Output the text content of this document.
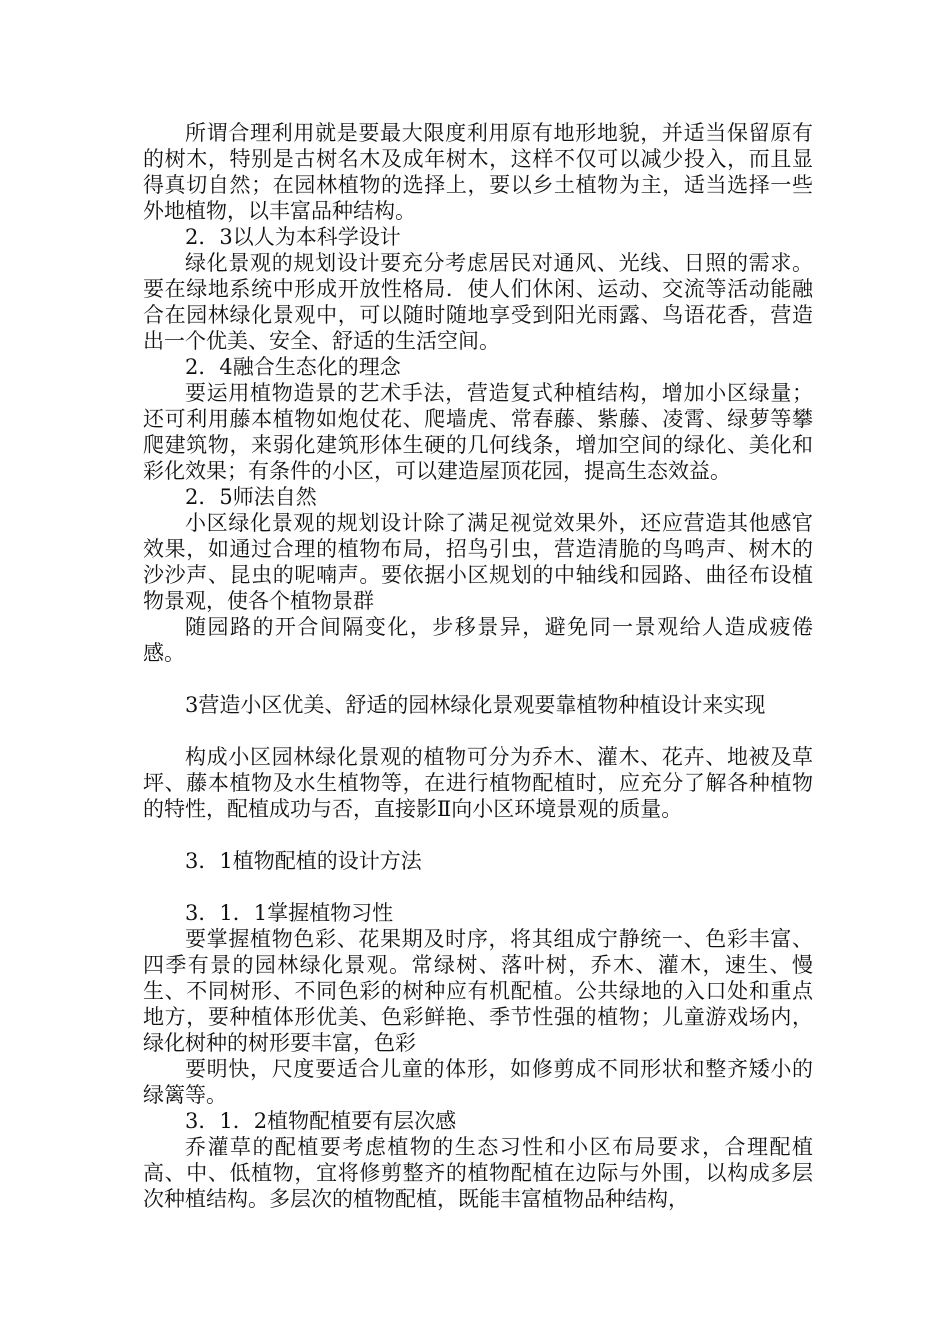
所谓合理利用就是要最大限度利用原有地形地貌，并适当保留原有的树木，特别是古树名木及成年树木，这样不仅可以减少投入，而且显得真切自然；在园林植物的选择上，要以乡土植物为主，适当选择一些外地植物，以丰富品种结构。

2．3以人为本科学设计

绿化景观的规划设计要充分考虑居民对通风、光线、日照的需求。要在绿地系统中形成开放性格局．使人们休闲、运动、交流等活动能融合在园林绿化景观中，可以随时随地享受到阳光雨露、鸟语花香，营造出一个优美、安全、舒适的生活空间。

2．4融合生态化的理念

要运用植物造景的艺术手法，营造复式种植结构，增加小区绿量；还可利用藤本植物如炮仗花、爬墙虎、常春藤、紫藤、凌霄、绿萝等攀爬建筑物，来弱化建筑形体生硬的几何线条，增加空间的绿化、美化和彩化效果；有条件的小区，可以建造屋顶花园，提高生态效益。

2．5师法自然

小区绿化景观的规划设计除了满足视觉效果外，还应营造其他感官效果，如通过合理的植物布局，招鸟引虫，营造清脆的鸟鸣声、树木的沙沙声、昆虫的呢喃声。要依据小区规划的中轴线和园路、曲径布设植物景观，使各个植物景群

随园路的开合间隔变化，步移景异，避免同一景观给人造成疲倦感。

3营造小区优美、舒适的园林绿化景观要靠植物种植设计来实现

构成小区园林绿化景观的植物可分为乔木、灌木、花卉、地被及草坪、藤本植物及水生植物等，在进行植物配植时，应充分了解各种植物的特性，配植成功与否，直接影Ⅱ向小区环境景观的质量。

3．1植物配植的设计方法

3．1．1掌握植物习性

要掌握植物色彩、花果期及时序，将其组成宁静统一、色彩丰富、四季有景的园林绿化景观。常绿树、落叶树，乔木、灌木，速生、慢生、不同树形、不同色彩的树种应有机配植。公共绿地的入口处和重点地方，要种植体形优美、色彩鲜艳、季节性强的植物；儿童游戏场内，绿化树种的树形要丰富，色彩

要明快，尺度要适合儿童的体形，如修剪成不同形状和整齐矮小的绿篱等。

3．1．2植物配植要有层次感

乔灌草的配植要考虑植物的生态习性和小区布局要求，合理配植高、中、低植物，宜将修剪整齐的植物配植在边际与外围，以构成多层次种植结构。多层次的植物配植，既能丰富植物品种结构，
